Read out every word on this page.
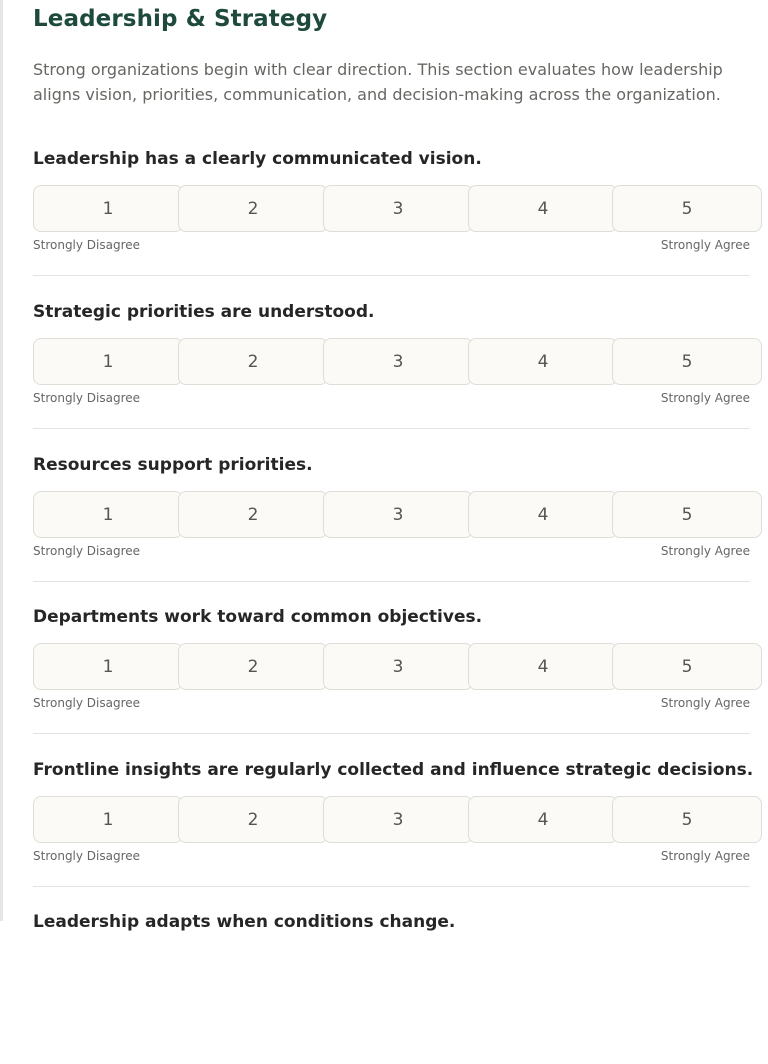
Leadership & Strategy

Strong organizations begin with clear direction. This section evaluates how leadership aligns vision, priorities, communication, and decision-making across the organization.

Leadership has a clearly communicated vision.
1	2	3	4	5
Strongly Disagree	Strongly Agree
Strategic priorities are understood.
1	2	3	4	5
Strongly Disagree	Strongly Agree
Resources support priorities.
1	2	3	4	5
Strongly Disagree	Strongly Agree
Departments work toward common objectives.
1	2	3	4	5
Strongly Disagree	Strongly Agree
Frontline insights are regularly collected and influence strategic decisions.
1	2	3	4	5
Strongly Disagree	Strongly Agree
Leadership adapts when conditions change.
